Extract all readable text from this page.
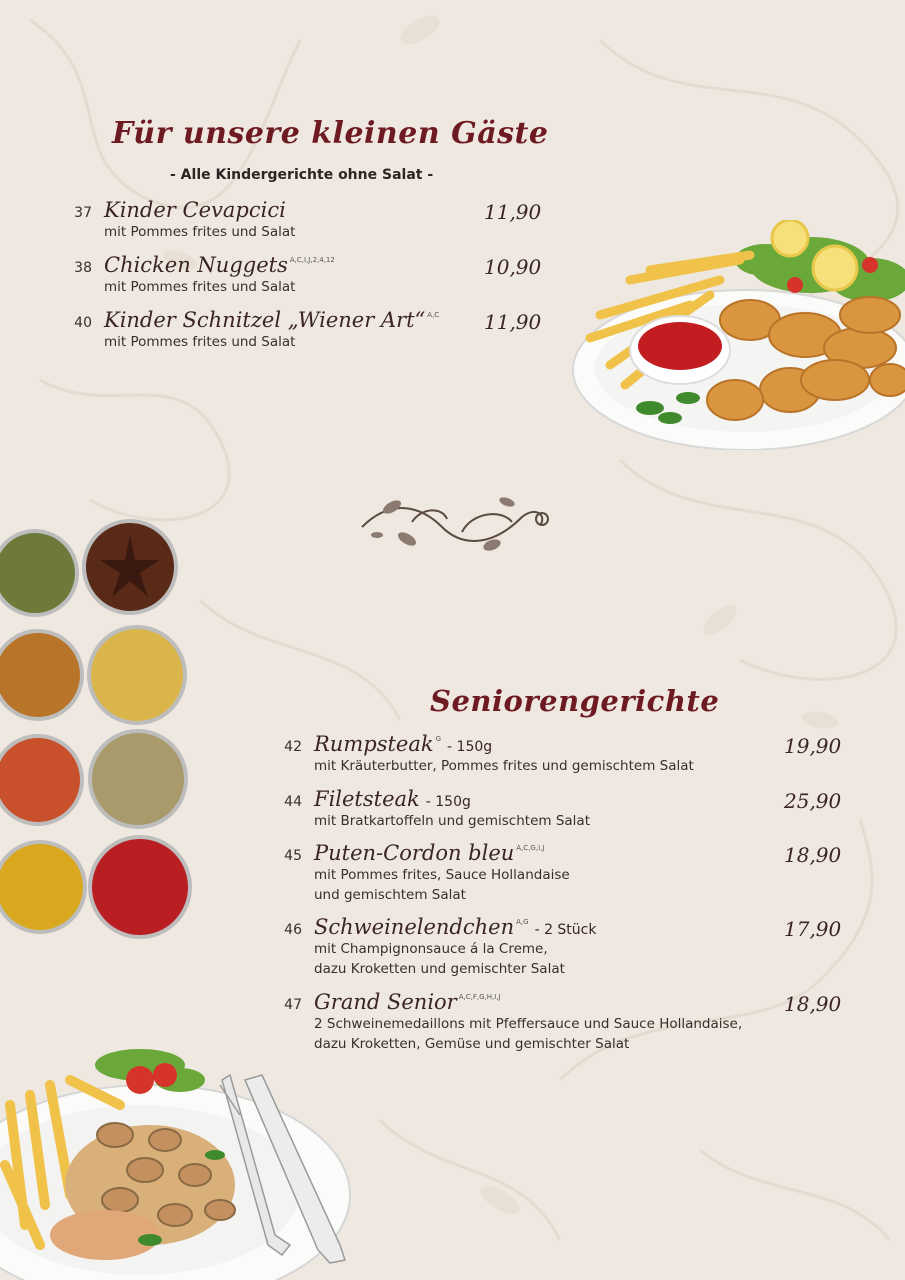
Für unsere kleinen Gäste

- Alle Kindergerichte ohne Salat -

37 Kinder Cevapcici
mit Pommes frites und Salat
11,90
38 Chicken Nuggets $^{A,C,I,J,2,4,12}$
mit Pommes frites und Salat
10,90
40 Kinder Schnitzel „Wiener Art“ $^{A,C}$
mit Pommes frites und Salat
11,90
Seniorengerichte
42 Rumpsteak $^G$ - 150g
mit Kräuterbutter, Pommes frites und gemischtem Salat
19,90
44 Filetsteak - 150g
mit Bratkartoffeln und gemischtem Salat
25,90
45 Puten-Cordon bleu $^{A,C,G,I,J}$
mit Pommes frites, Sauce Hollandaise
und gemischtem Salat
18,90
46 Schweinelendchen $^{A,G}$ - 2 Stück
mit Champignonsauce á la Creme,
dazu Kroketten und gemischter Salat
17,90
47 Grand Senior $^{A,C,F,G,H,I,J}$
2 Schweinemedaillons mit Pfeffersauce und Sauce Hollandaise,
dazu Kroketten, Gemüse und gemischter Salat
18,90
